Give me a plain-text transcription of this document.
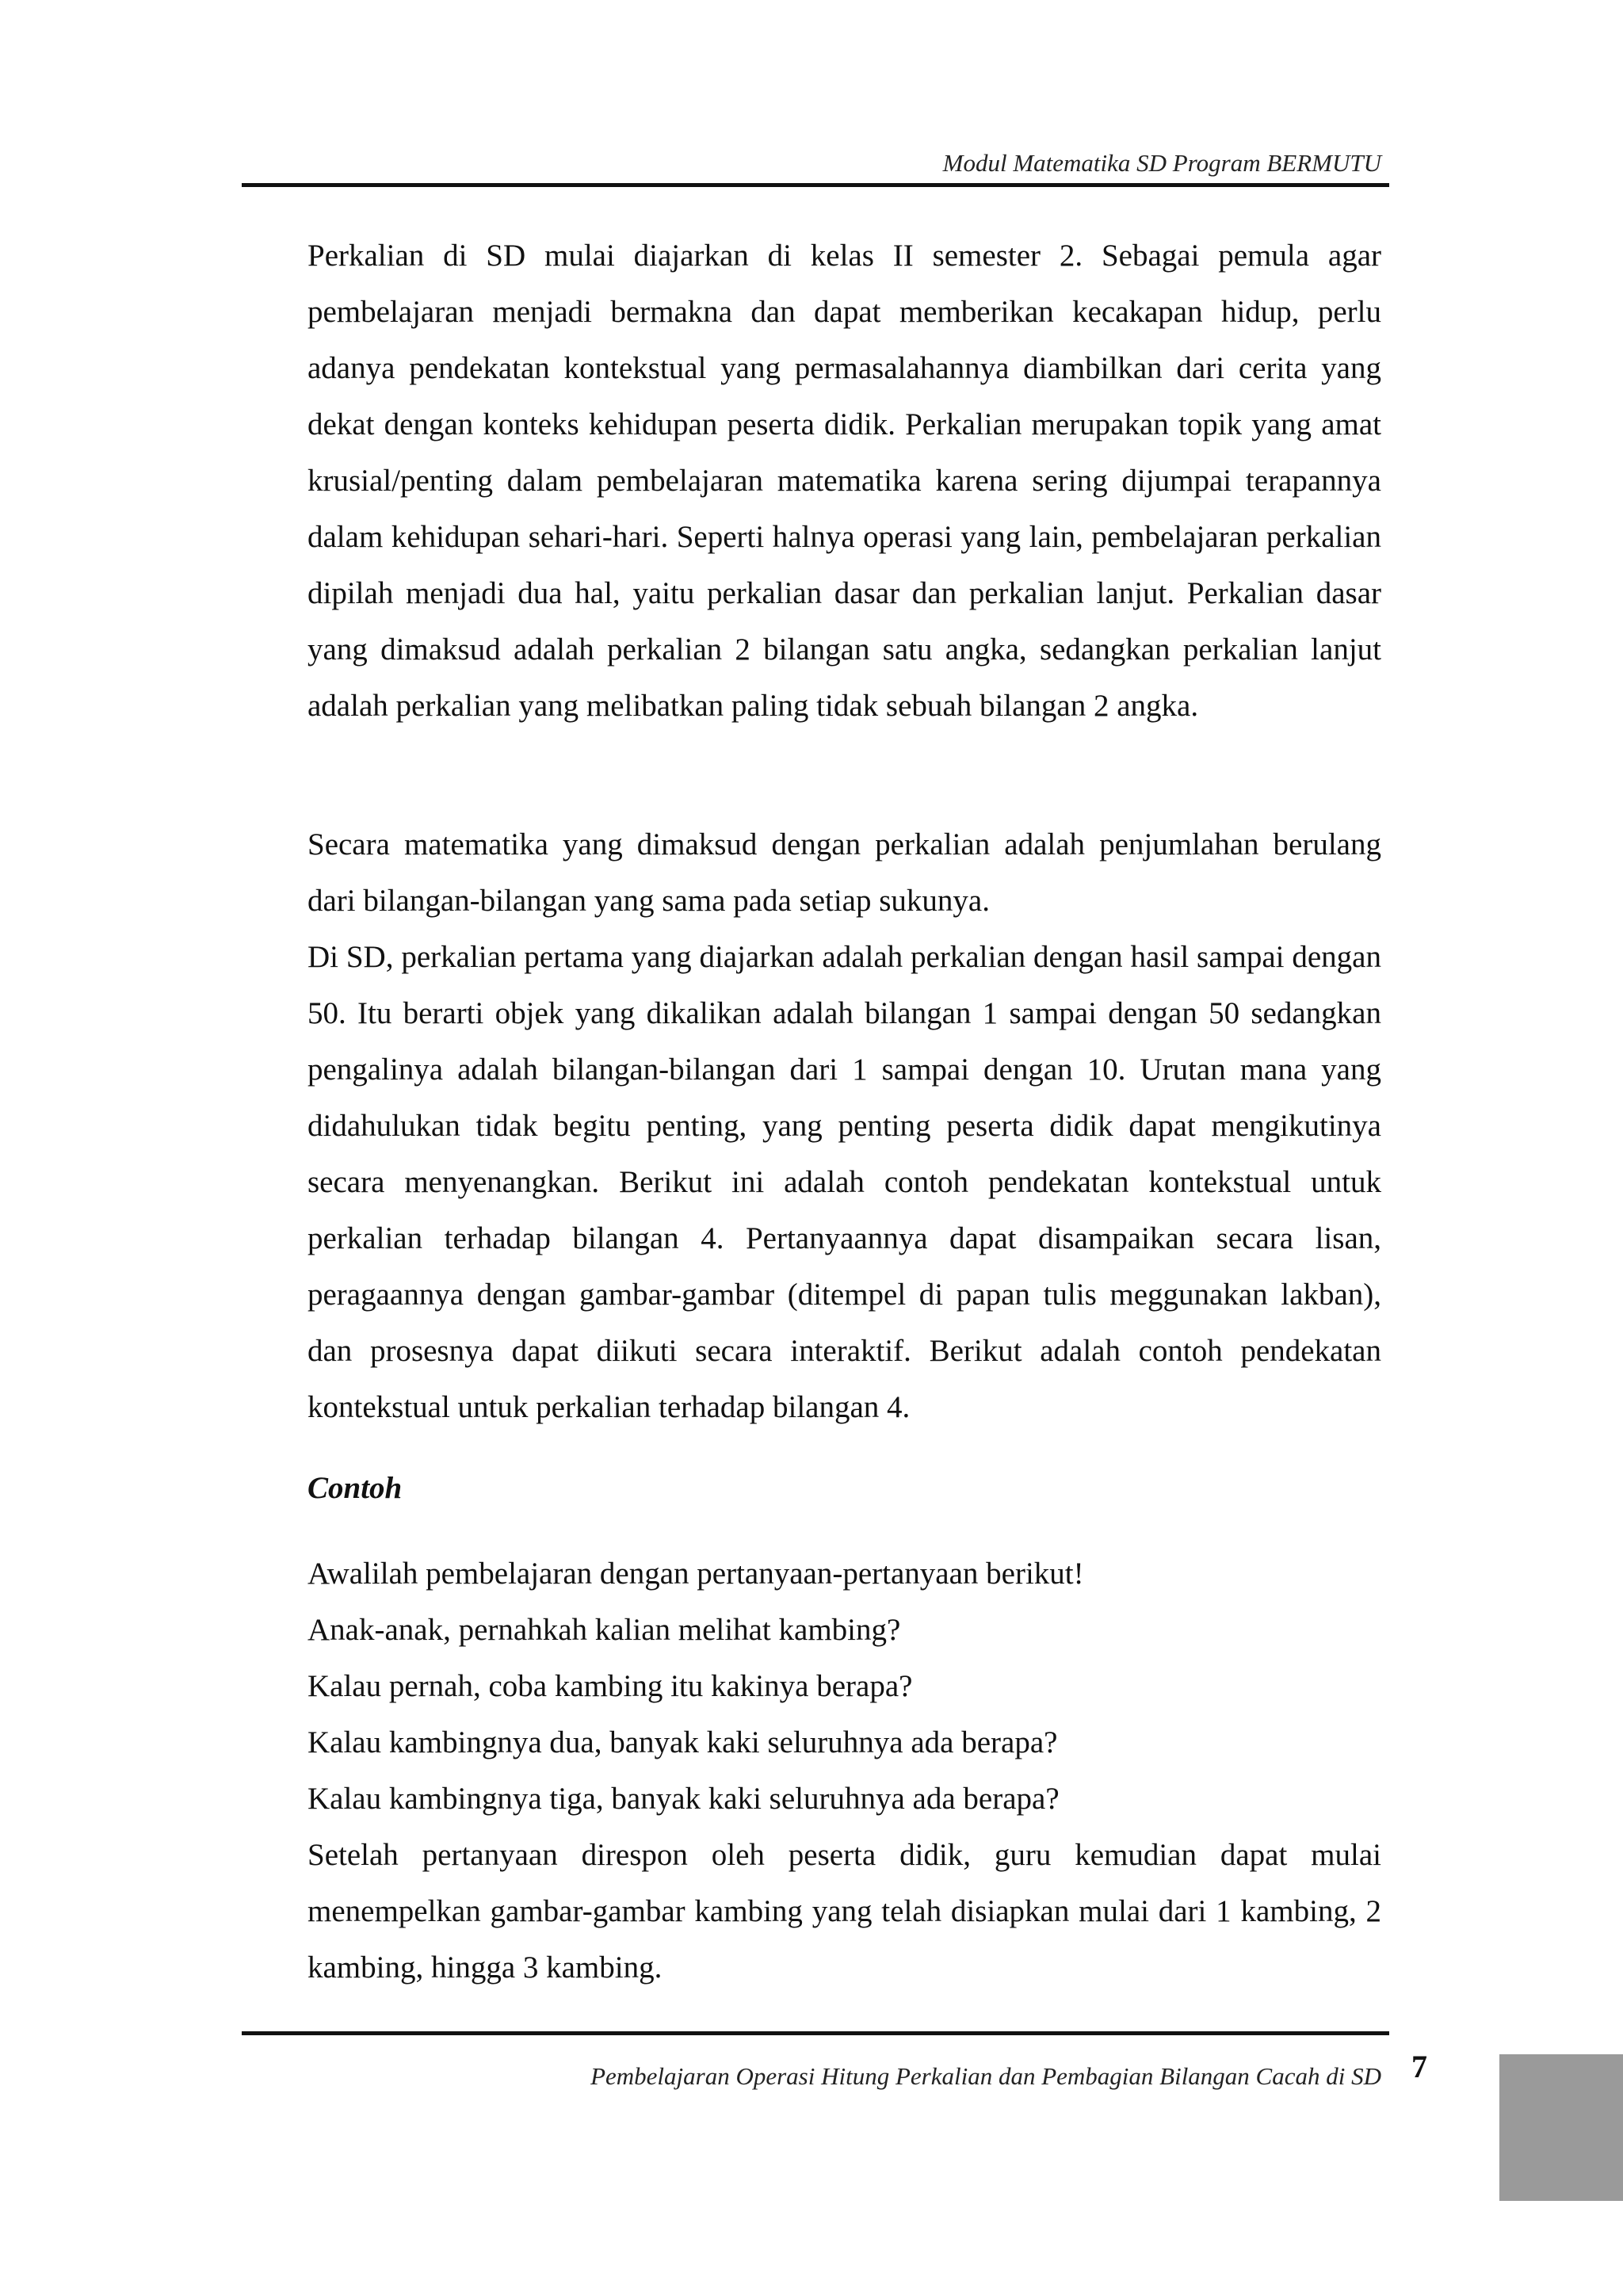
Modul Matematika SD Program BERMUTU

Perkalian di SD mulai diajarkan di kelas II semester 2. Sebagai pemula agar pembelajaran menjadi bermakna dan dapat memberikan kecakapan hidup, perlu adanya pendekatan kontekstual yang permasalahannya diambilkan dari cerita yang dekat dengan konteks kehidupan peserta didik. Perkalian merupakan topik yang amat krusial/penting dalam pembelajaran matematika karena sering dijumpai terapannya dalam kehidupan sehari-hari. Seperti halnya operasi yang lain, pembelajaran perkalian dipilah menjadi dua hal, yaitu perkalian dasar dan perkalian lanjut. Perkalian dasar yang dimaksud adalah perkalian 2 bilangan satu angka, sedangkan perkalian lanjut adalah perkalian yang melibatkan paling tidak sebuah bilangan 2 angka.

Secara matematika yang dimaksud dengan perkalian adalah penjumlahan berulang dari bilangan-bilangan yang sama pada setiap sukunya.

Di SD, perkalian pertama yang diajarkan adalah perkalian dengan hasil sampai dengan 50. Itu berarti objek yang dikalikan adalah bilangan 1 sampai dengan 50 sedangkan pengalinya adalah bilangan-bilangan dari 1 sampai dengan 10. Urutan mana yang didahulukan tidak begitu penting, yang penting peserta didik dapat mengikutinya secara menyenangkan. Berikut ini adalah contoh pendekatan kontekstual untuk perkalian terhadap bilangan 4. Pertanyaannya dapat disampaikan secara lisan, peragaannya dengan gambar-gambar (ditempel di papan tulis meggunakan lakban), dan prosesnya dapat diikuti secara interaktif. Berikut adalah contoh pendekatan kontekstual untuk perkalian terhadap bilangan 4.

Contoh

Awalilah pembelajaran dengan pertanyaan-pertanyaan berikut!

Anak-anak, pernahkah kalian melihat kambing?

Kalau pernah, coba kambing itu kakinya berapa?

Kalau kambingnya dua, banyak kaki seluruhnya ada berapa?

Kalau kambingnya tiga, banyak kaki seluruhnya ada berapa?

Setelah pertanyaan direspon oleh peserta didik, guru kemudian dapat mulai menempelkan gambar-gambar kambing yang telah disiapkan mulai dari 1 kambing, 2 kambing, hingga 3 kambing.

Pembelajaran Operasi Hitung Perkalian dan Pembagian Bilangan Cacah di SD 7
